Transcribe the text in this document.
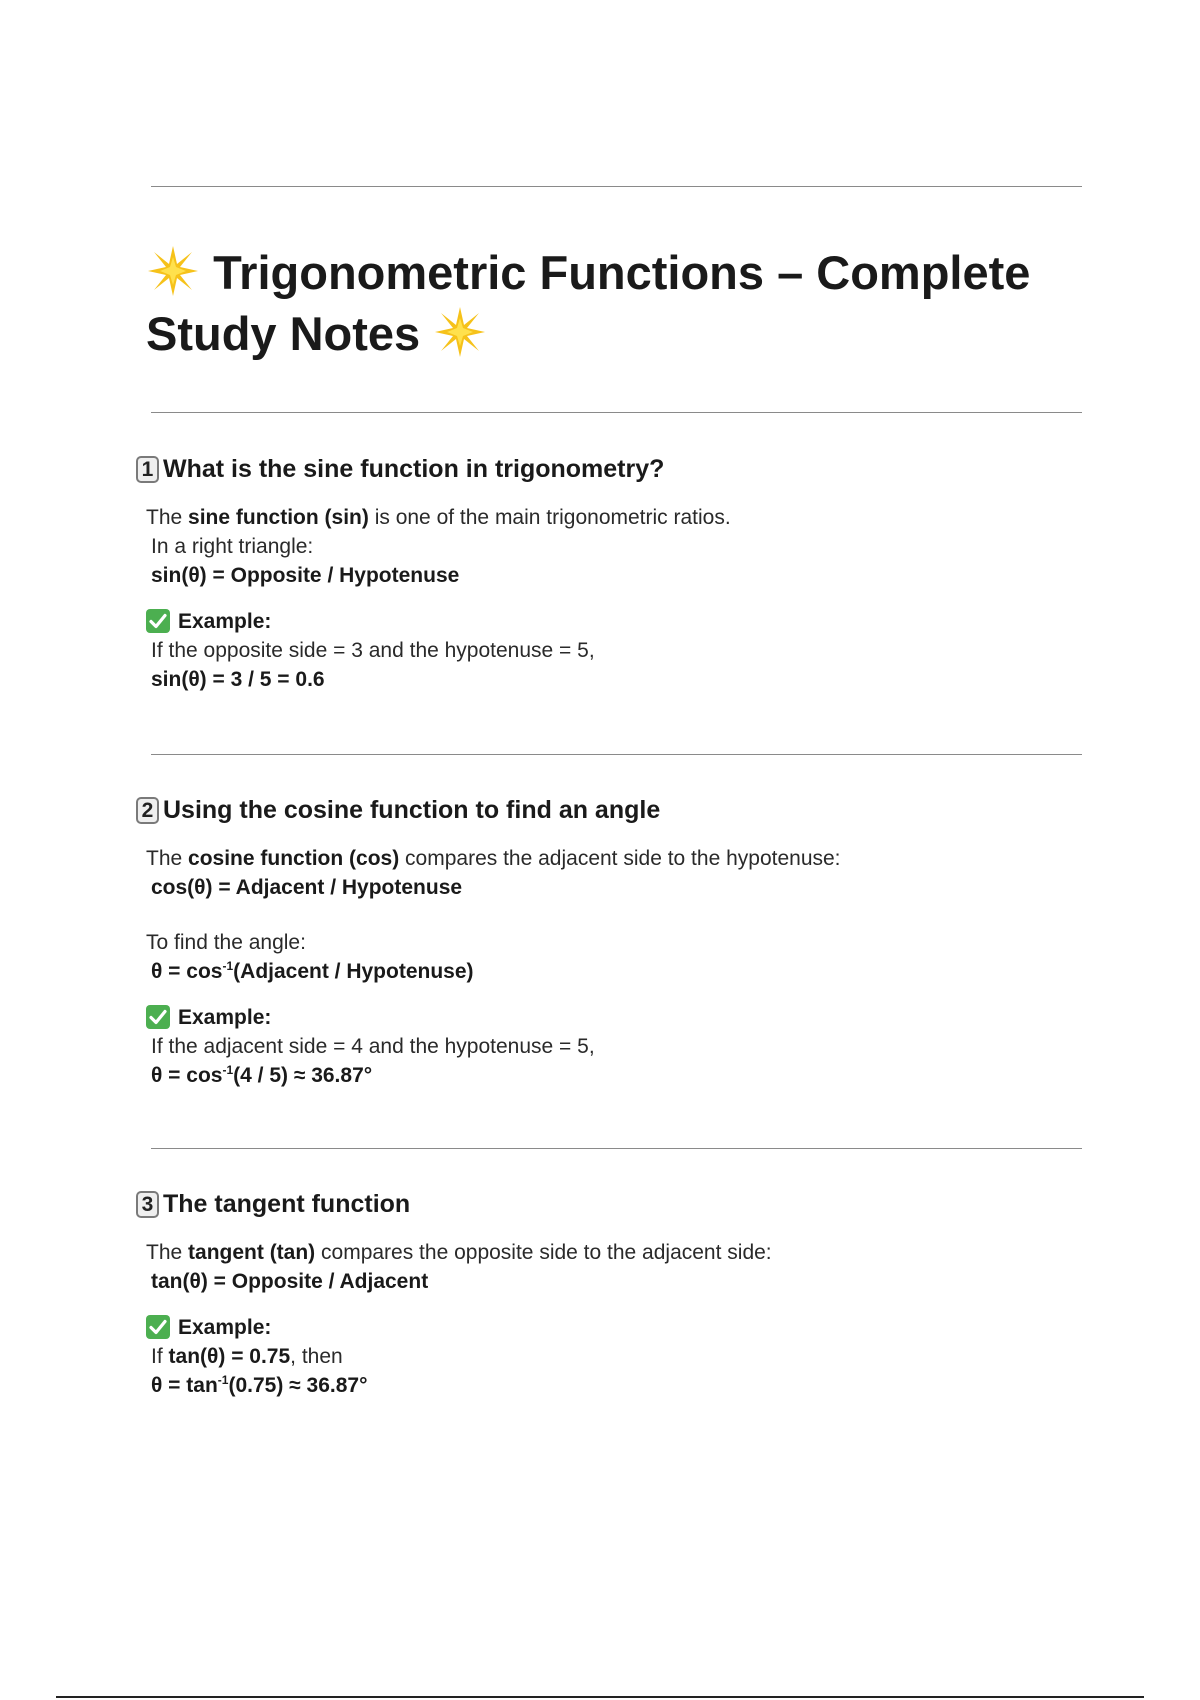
Trigonometric Functions – Complete Study Notes
1 What is the sine function in trigonometry?
The sine function (sin) is one of the main trigonometric ratios.
In a right triangle:
sin(θ) = Opposite / Hypotenuse
Example:
If the opposite side = 3 and the hypotenuse = 5,
sin(θ) = 3 / 5 = 0.6
2 Using the cosine function to find an angle
The cosine function (cos) compares the adjacent side to the hypotenuse:
cos(θ) = Adjacent / Hypotenuse
To find the angle:
$\theta = \cos^{-1}(Adjacent$ / Hypotenuse)
Example:
If the adjacent side = 4 and the hypotenuse = 5,
$\theta = \cos^{-1}(4 / 5) \approx 36.87^\circ$
3 The tangent function
The tangent (tan) compares the opposite side to the adjacent side:
tan(θ) = Opposite / Adjacent
Example:
If tan(θ) = 0.75, then
$\theta = \tan^{-1}(0.75) \approx 36.87^\circ$
